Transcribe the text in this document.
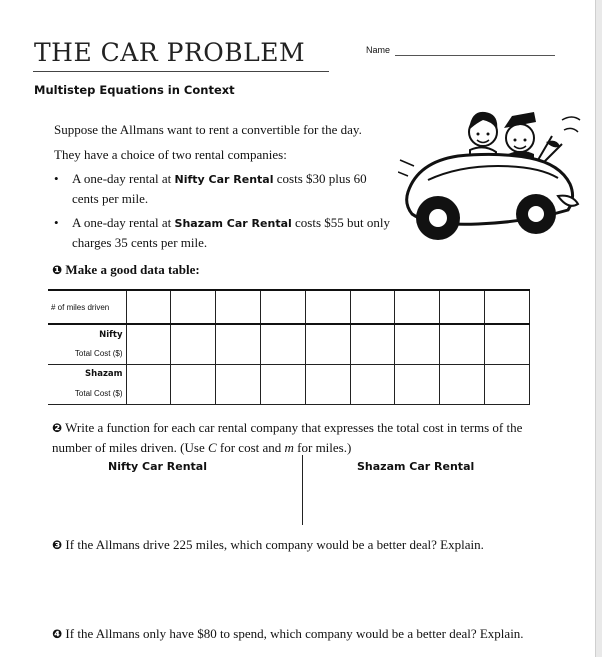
THE CAR PROBLEM	Name
Multistep Equations in Context
Suppose the Allmans want to rent a convertible for the day.
They have a choice of two rental companies:
• A one-day rental at Nifty Car Rental costs $30 plus 60 cents per mile.
• A one-day rental at Shazam Car Rental costs $55 but only charges 35 cents per mile.
❶ Make a good data table:
# of miles driven									
Nifty									
Total Cost ($)									
Shazam									
Total Cost ($)									
❷ Write a function for each car rental company that expresses the total cost in terms of the number of miles driven. (Use C for cost and m for miles.)
Nifty Car Rental	Shazam Car Rental
❸ If the Allmans drive 225 miles, which company would be a better deal? Explain.
❹ If the Allmans only have $80 to spend, which company would be a better deal? Explain.
